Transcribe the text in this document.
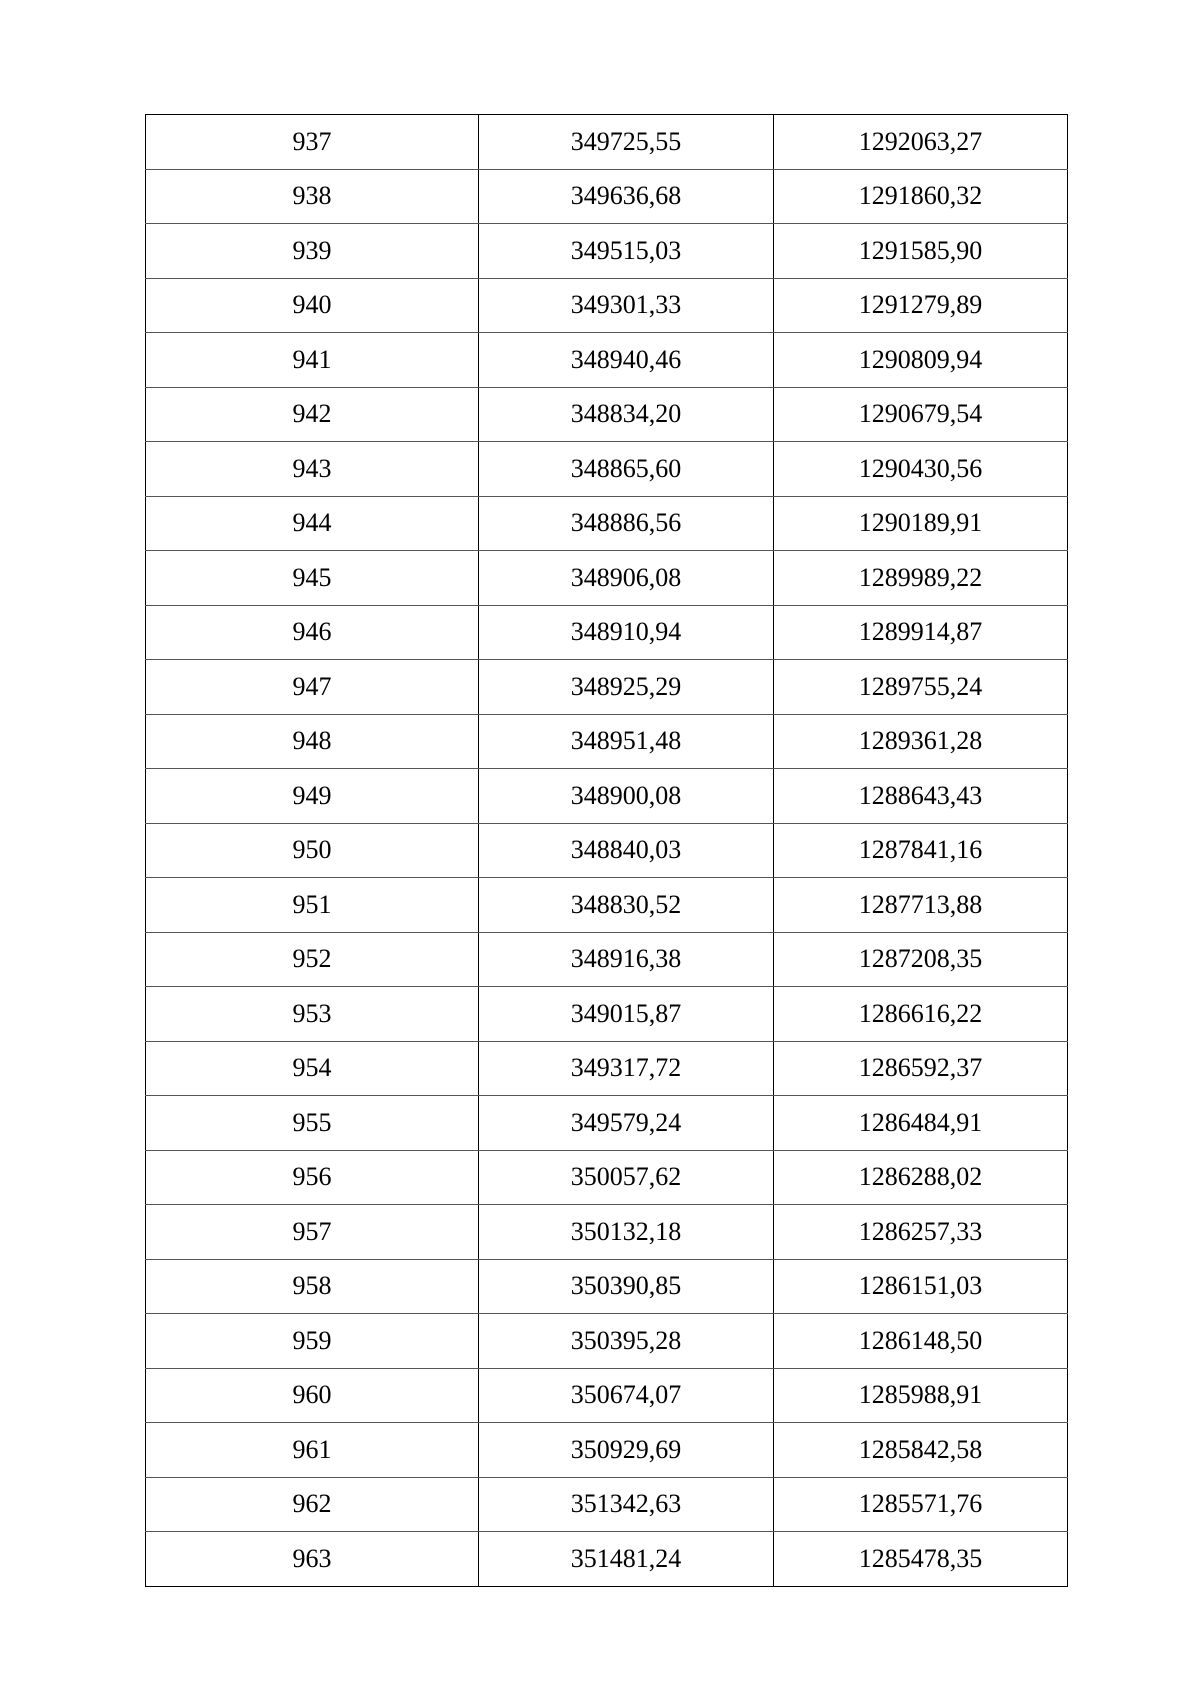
937	349725,55	1292063,27
938	349636,68	1291860,32
939	349515,03	1291585,90
940	349301,33	1291279,89
941	348940,46	1290809,94
942	348834,20	1290679,54
943	348865,60	1290430,56
944	348886,56	1290189,91
945	348906,08	1289989,22
946	348910,94	1289914,87
947	348925,29	1289755,24
948	348951,48	1289361,28
949	348900,08	1288643,43
950	348840,03	1287841,16
951	348830,52	1287713,88
952	348916,38	1287208,35
953	349015,87	1286616,22
954	349317,72	1286592,37
955	349579,24	1286484,91
956	350057,62	1286288,02
957	350132,18	1286257,33
958	350390,85	1286151,03
959	350395,28	1286148,50
960	350674,07	1285988,91
961	350929,69	1285842,58
962	351342,63	1285571,76
963	351481,24	1285478,35
